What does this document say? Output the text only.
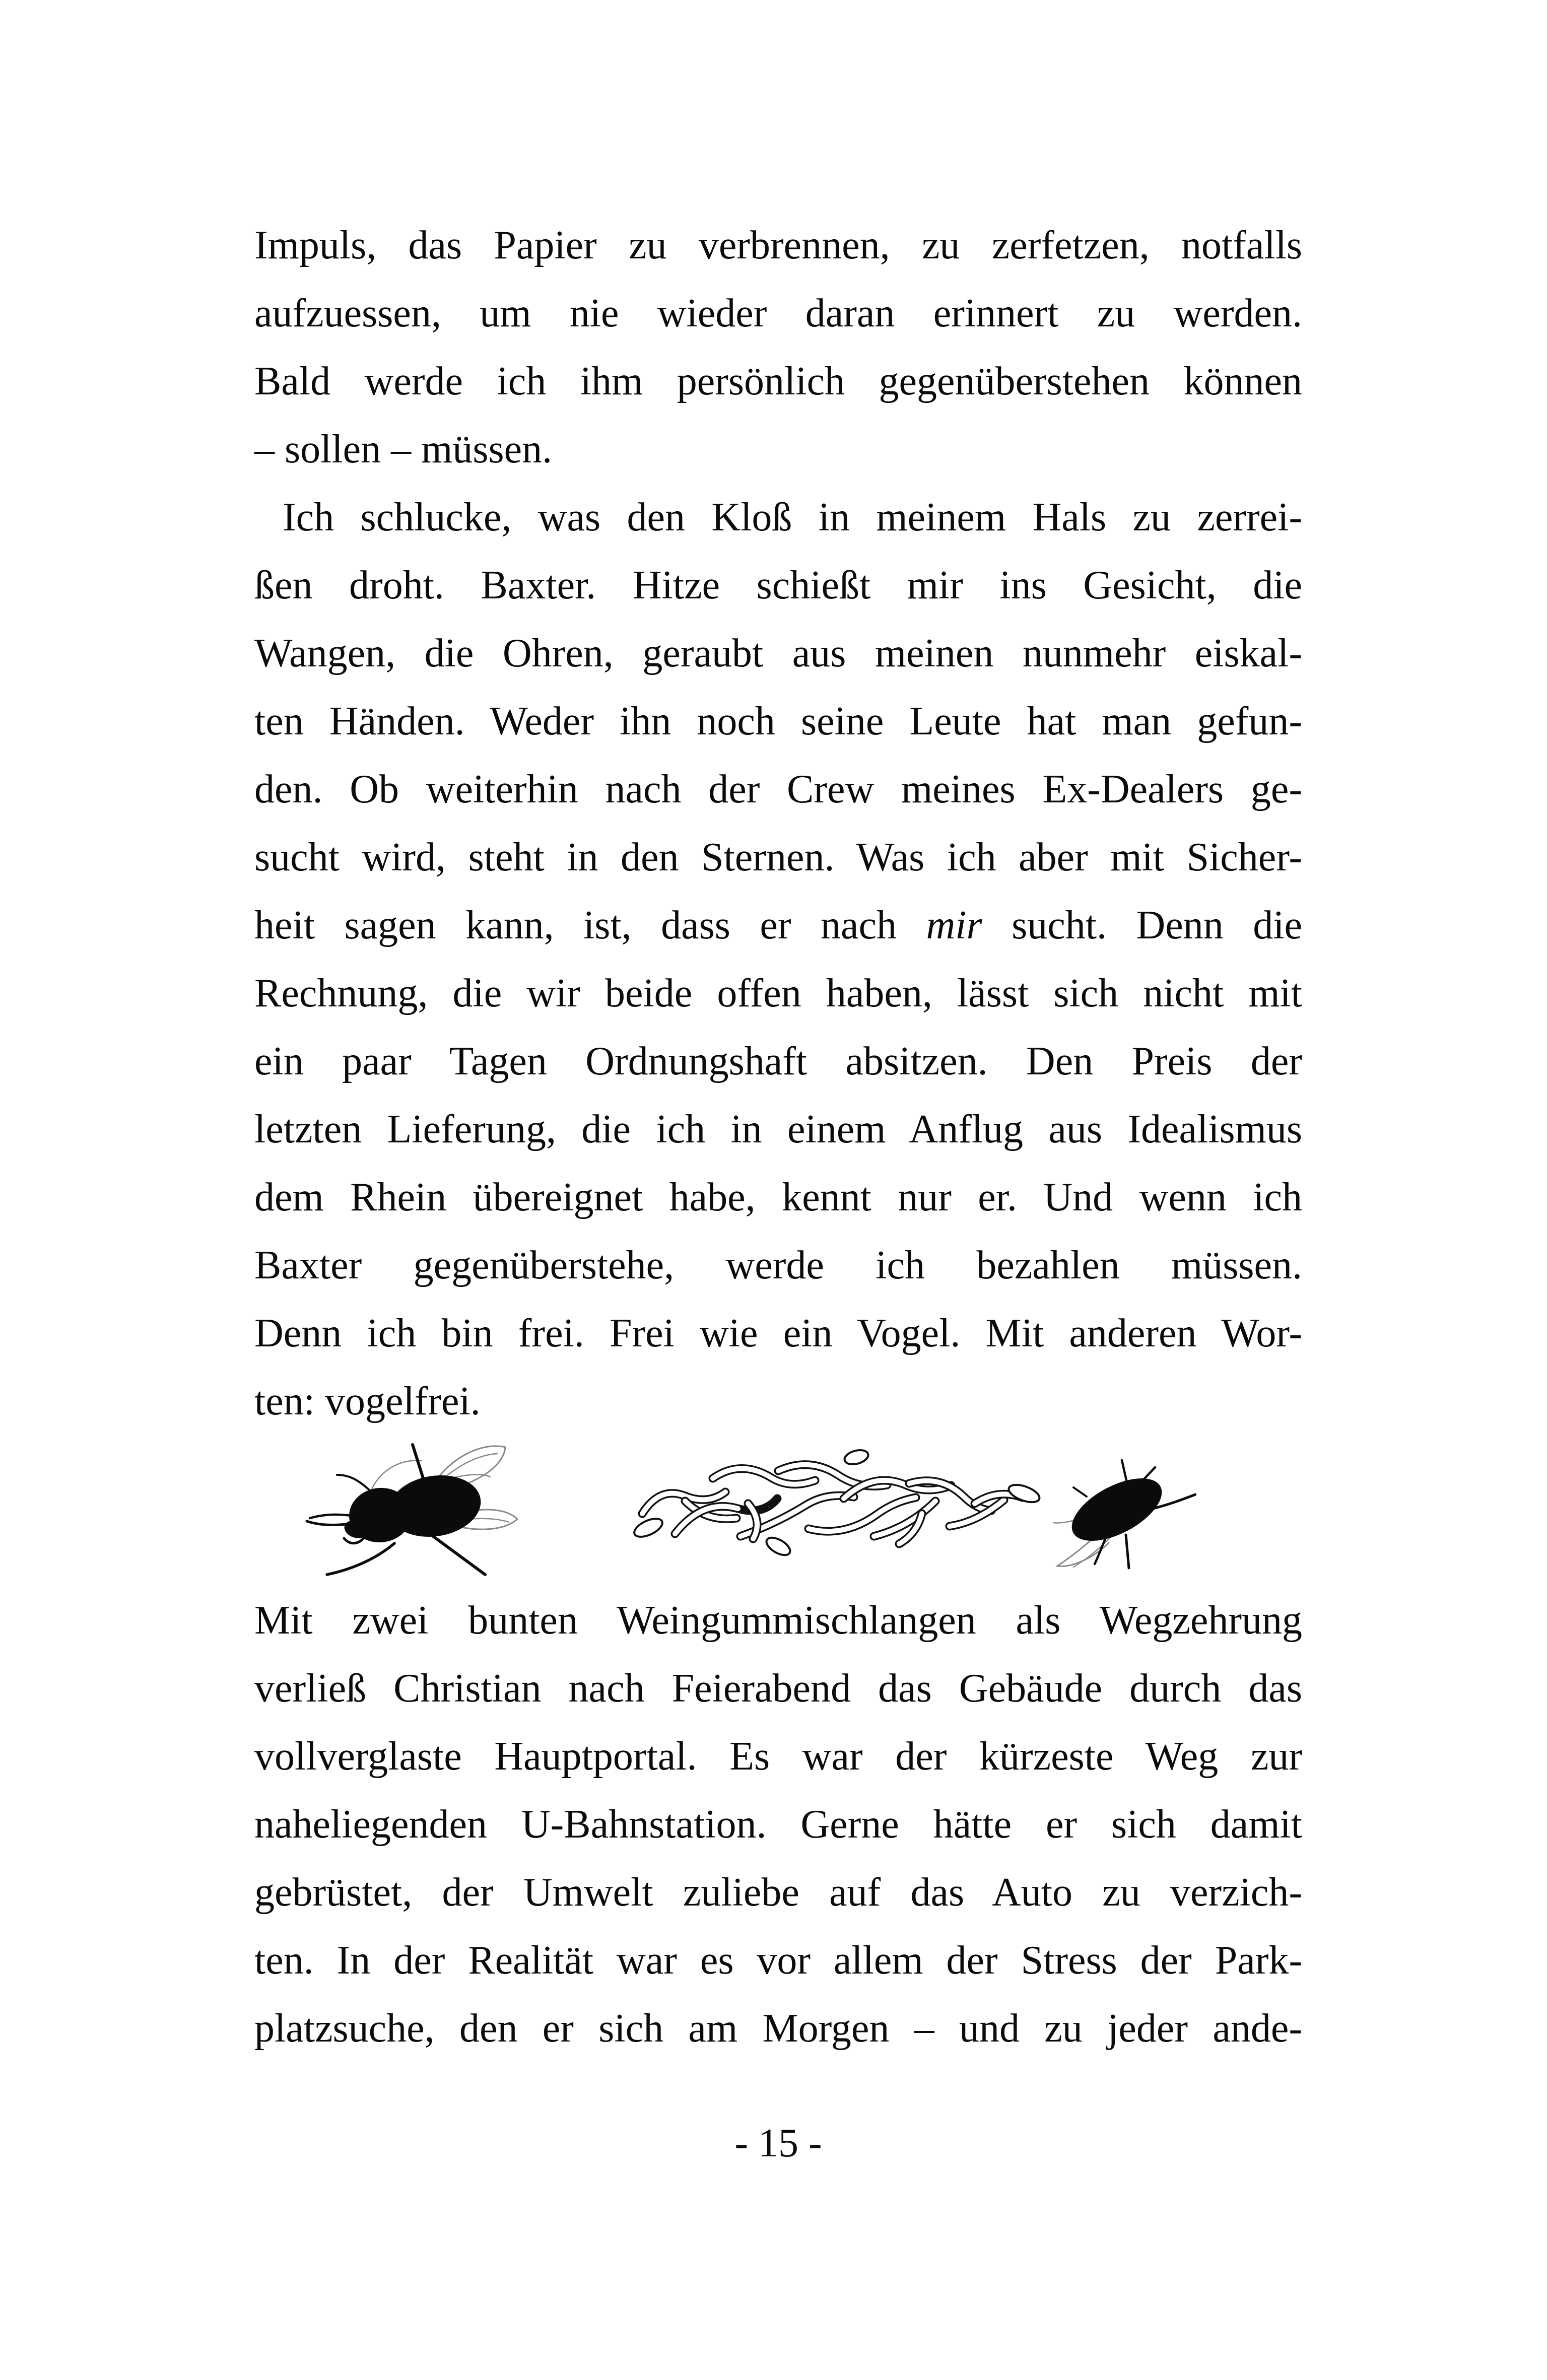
Impuls, das Papier zu verbrennen, zu zerfetzen, notfalls
aufzuessen, um nie wieder daran erinnert zu werden.
Bald werde ich ihm persönlich gegenüberstehen können
– sollen – müssen.
Ich schlucke, was den Kloß in meinem Hals zu zerrei-
ßen droht. Baxter. Hitze schießt mir ins Gesicht, die
Wangen, die Ohren, geraubt aus meinen nunmehr eiskal-
ten Händen. Weder ihn noch seine Leute hat man gefun-
den. Ob weiterhin nach der Crew meines Ex-Dealers ge-
sucht wird, steht in den Sternen. Was ich aber mit Sicher-
heit sagen kann, ist, dass er nach mir sucht. Denn die
Rechnung, die wir beide offen haben, lässt sich nicht mit
ein paar Tagen Ordnungshaft absitzen. Den Preis der
letzten Lieferung, die ich in einem Anflug aus Idealismus
dem Rhein übereignet habe, kennt nur er. Und wenn ich
Baxter gegenüberstehe, werde ich bezahlen müssen.
Denn ich bin frei. Frei wie ein Vogel. Mit anderen Wor-
ten: vogelfrei.
Mit zwei bunten Weingummischlangen als Wegzehrung
verließ Christian nach Feierabend das Gebäude durch das
vollverglaste Hauptportal. Es war der kürzeste Weg zur
naheliegenden U-Bahnstation. Gerne hätte er sich damit
gebrüstet, der Umwelt zuliebe auf das Auto zu verzich-
ten. In der Realität war es vor allem der Stress der Park-
platzsuche, den er sich am Morgen – und zu jeder ande-
- 15 -
